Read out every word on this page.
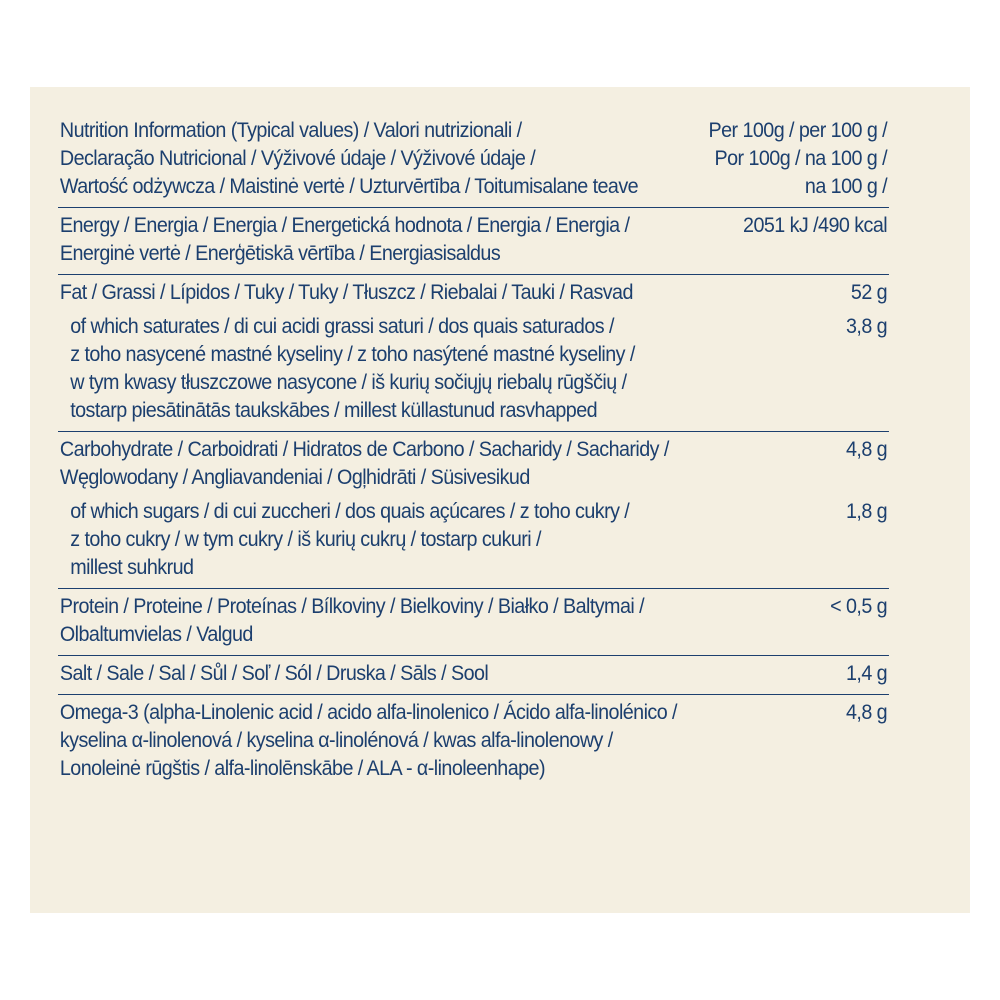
Nutrition Information (Typical values) / Valori nutrizionali /
Declaração Nutricional / Výživové údaje / Výživové údaje /
Wartość odżywcza / Maistinė vertė / Uzturvērtība / Toitumisalane teave
Per 100g / per 100 g /
Por 100g / na 100 g /
na 100 g /
Energy / Energia / Energia / Energetická hodnota / Energia / Energia /
Energinė vertė / Enerģētiskā vērtība / Energiasisaldus
2051 kJ /490 kcal
Fat / Grassi / Lípidos / Tuky / Tuky / Tłuszcz / Riebalai / Tauki / Rasvad	52 g
of which saturates / di cui acidi grassi saturi / dos quais saturados /
z toho nasycené mastné kyseliny / z toho nasýtené mastné kyseliny /
w tym kwasy tłuszczowe nasycone / iš kurių sočiųjų riebalų rūgščių /
tostarp piesātinātās taukskābes / millest küllastunud rasvhapped
3,8 g
Carbohydrate / Carboidrati / Hidratos de Carbono / Sacharidy / Sacharidy /
Węglowodany / Angliavandeniai / Ogļhidrāti / Süsivesikud
4,8 g
of which sugars / di cui zuccheri / dos quais açúcares / z toho cukry /
z toho cukry / w tym cukry / iš kurių cukrų / tostarp cukuri /
millest suhkrud
1,8 g
Protein / Proteine / Proteínas / Bílkoviny / Bielkoviny / Białko / Baltymai /
Olbaltumvielas / Valgud
< 0,5 g
Salt / Sale / Sal / Sůl / Soľ / Sól / Druska / Sāls / Sool	1,4 g
Omega-3 (alpha-Linolenic acid / acido alfa-linolenico / Ácido alfa-linolénico /
kyselina α-linolenová / kyselina α-linolénová / kwas alfa-linolenowy /
Lonoleinė rūgštis / alfa-linolēnskābe / ALA - α-linoleenhape)
4,8 g
